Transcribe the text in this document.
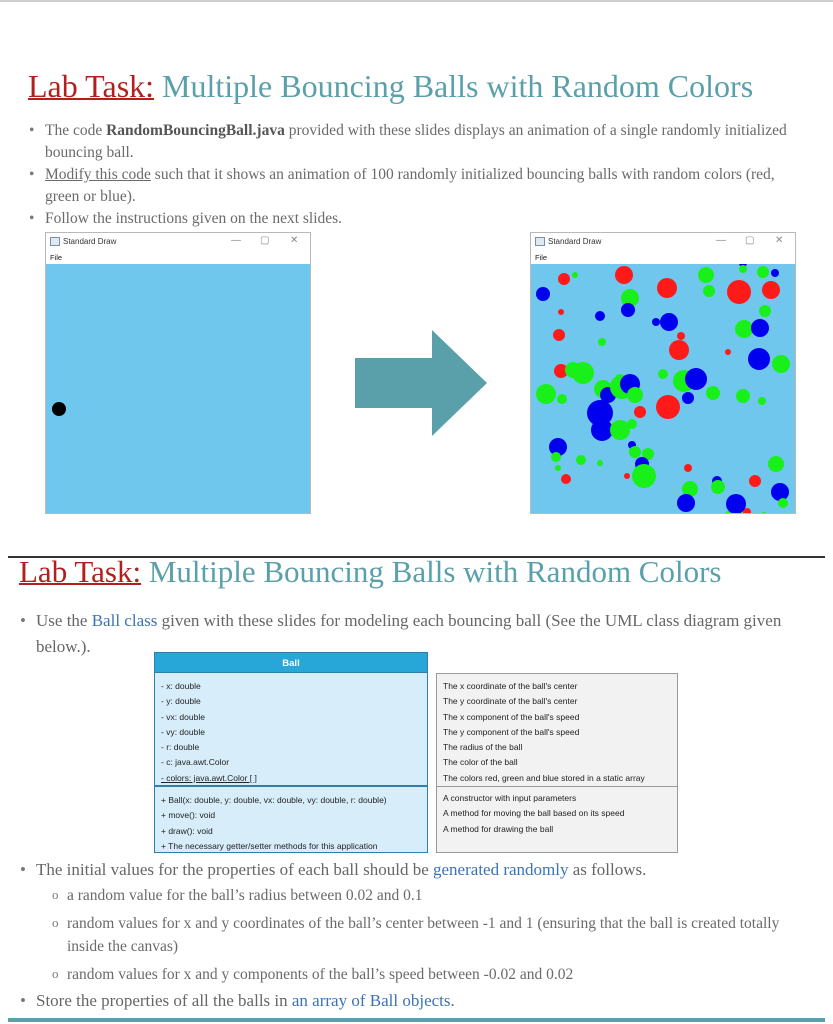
Lab Task: Multiple Bouncing Balls with Random Colors
• The code RandomBouncingBall.java provided with these slides displays an animation of a single randomly initialized bouncing ball.
• Modify this code such that it shows an animation of 100 randomly initialized bouncing balls with random colors (red, green or blue).
• Follow the instructions given on the next slides.
Standard Draw	— ▢ ✕
File
Standard Draw	— ▢ ✕
File
Lab Task: Multiple Bouncing Balls with Random Colors
• Use the Ball class given with these slides for modeling each bouncing ball (See the UML class diagram given below.).
Ball
- x: double
- y: double
- vx: double
- vy: double
- r: double
- c: java.awt.Color
- colors: java.awt.Color [ ]
+ Ball(x: double, y: double, vx: double, vy: double, r: double)
+ move(): void
+ draw(): void
+ The necessary getter/setter methods for this application
The x coordinate of the ball's center
The y coordinate of the ball's center
The x component of the ball's speed
The y component of the ball's speed
The radius of the ball
The color of the ball
The colors red, green and blue stored in a static array
A constructor with input parameters
A method for moving the ball based on its speed
A method for drawing the ball
• The initial values for the properties of each ball should be generated randomly as follows.
o a random value for the ball’s radius between 0.02 and 0.1
o random values for x and y coordinates of the ball’s center between -1 and 1 (ensuring that the ball is created totally inside the canvas)
o random values for x and y components of the ball’s speed between -0.02 and 0.02
• Store the properties of all the balls in an array of Ball objects.
